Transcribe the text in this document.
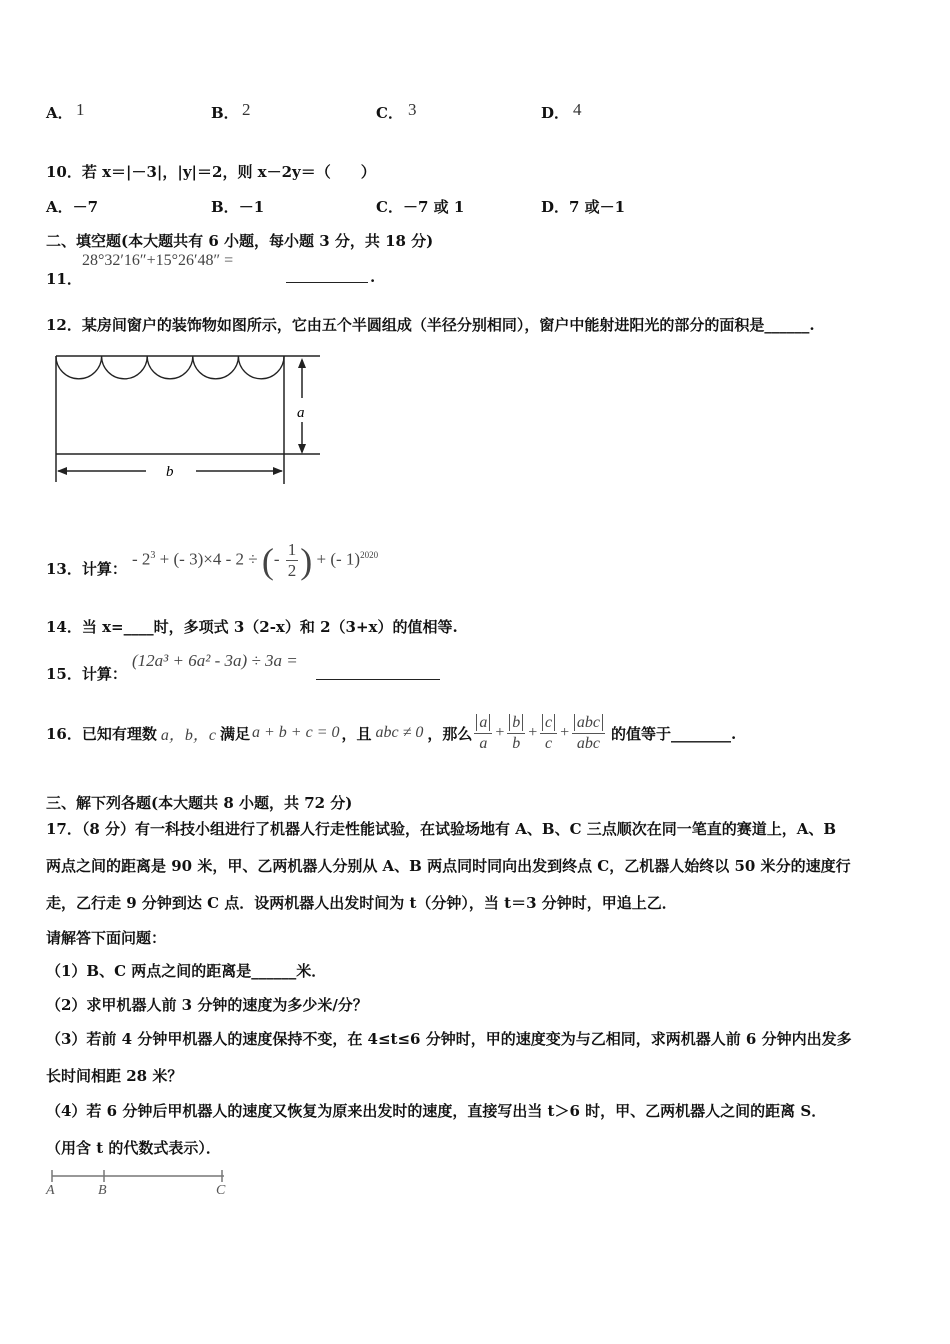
A． 1	B． 2	C． 3	D． 4
10．若 x＝|－3|，|y|＝2，则 x－2y＝（　　）
A．－7	B．－1	C．－7 或 1	D．7 或－1
二、填空题(本大题共有 6 小题，每小题 3 分，共 18 分)
11．
28°32′16″+15°26′48″ =
.
12．某房间窗户的装饰物如图所示，它由五个半圆组成（半径分别相同），窗户中能射进阳光的部分的面积是______.
a
b
13．计算：
- $2^3$ + (- 3)×4 - 2 ÷ (- $\frac{1}{2}$ ) + (- 1)$^{2020}$
14．当 x=____时，多项式 3（2-x）和 2（3+x）的值相等.
15．计算：
(12a³ + 6a² - 3a) ÷ 3a =
16．已知有理数 a，b，c 满足 a + b + c = 0 ，且 abc ≠ 0 ，那么 $\frac{a}{a} + \frac{b}{b} + \frac{c}{c} + \frac{\text{abc}}{\text{abc}}$ 的值等于________.
三、解下列各题(本大题共 8 小题，共 72 分)
17．（8 分）有一科技小组进行了机器人行走性能试验，在试验场地有 A、B、C 三点顺次在同一笔直的赛道上，A、B
两点之间的距离是 90 米，甲、乙两机器人分别从 A、B 两点同时同向出发到终点 C，乙机器人始终以 50 米分的速度行
走，乙行走 9 分钟到达 C 点．设两机器人出发时间为 t（分钟），当 t＝3 分钟时，甲追上乙．
请解答下面问题：
（1）B、C 两点之间的距离是______米．
（2）求甲机器人前 3 分钟的速度为多少米/分？
（3）若前 4 分钟甲机器人的速度保持不变，在 4≤t≤6 分钟时，甲的速度变为与乙相同，求两机器人前 6 分钟内出发多
长时间相距 28 米？
（4）若 6 分钟后甲机器人的速度又恢复为原来出发时的速度，直接写出当 t＞6 时，甲、乙两机器人之间的距离 S．
（用含 t 的代数式表示）．
A	B	C
